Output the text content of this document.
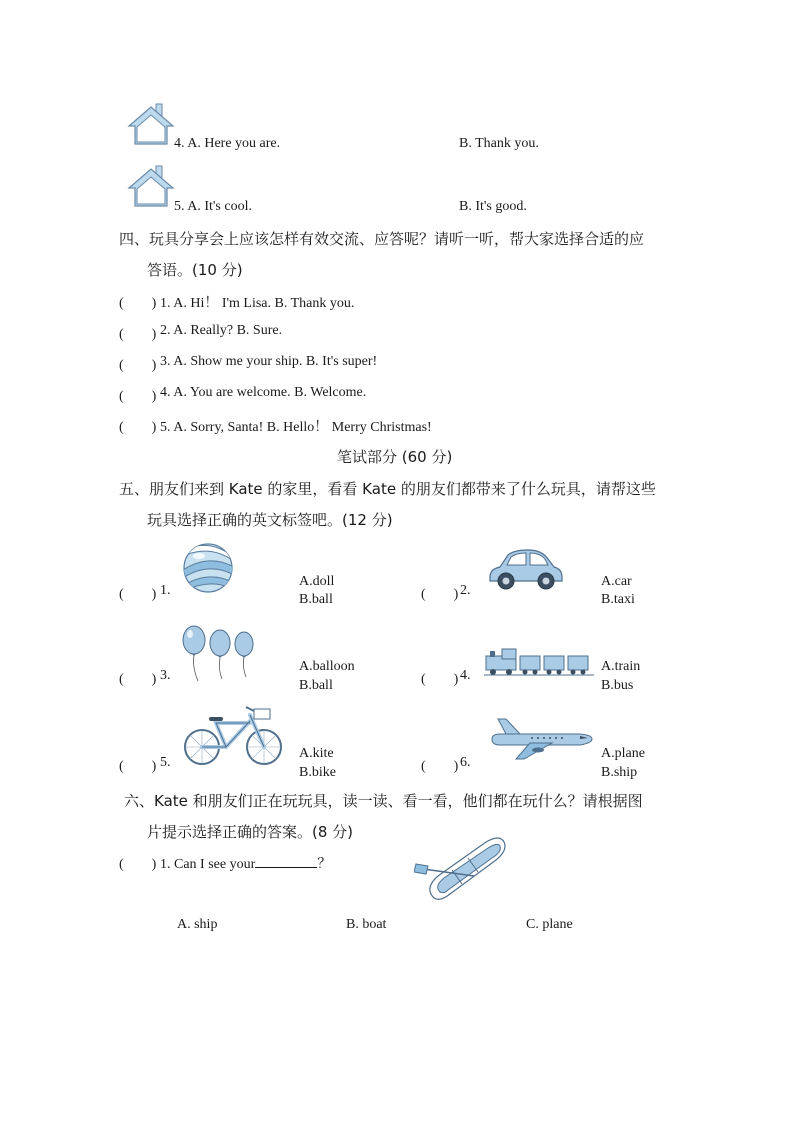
4. A. Here you are.	B. Thank you.
5. A. It's cool.	B. It's good.
四、玩具分享会上应该怎样有效交流、应答呢？请听一听，帮大家选择合适的应
答语。(10 分)
(　　) 1. A. Hi！ I'm Lisa. B. Thank you.
(　　) 2. A. Really? B. Sure.
(　　) 3. A. Show me your ship. B. It's super!
(　　) 4. A. You are welcome. B. Welcome.
(　　) 5. A. Sorry, Santa! B. Hello！ Merry Christmas!
笔试部分 (60 分)
五、朋友们来到 Kate 的家里，看看 Kate 的朋友们都带来了什么玩具，请帮这些
玩具选择正确的英文标签吧。(12 分)
(　　) 1.
A.doll
B.ball	(　　) 2.
A.car
B.taxi
(　　) 3.
A.balloon
B.ball	(　　) 4.
A.train
B.bus
(　　) 5.
A.kite
B.bike	(　　) 6.
A.plane
B.ship
六、Kate 和朋友们正在玩玩具，读一读、看一看，他们都在玩什么？请根据图
片提示选择正确的答案。(8 分)
(　　) 1. Can I see your	？
A. ship	B. boat	C. plane
